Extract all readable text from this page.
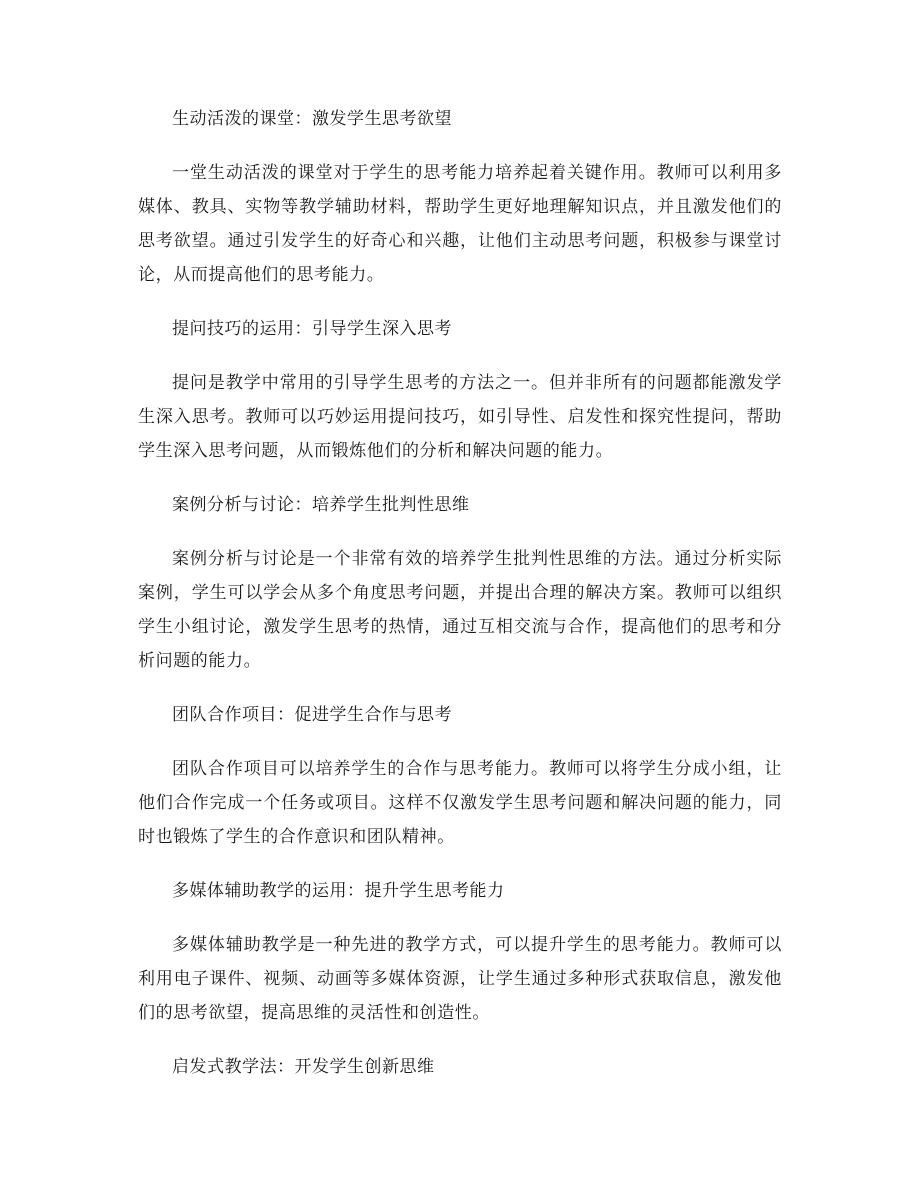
生动活泼的课堂：激发学生思考欲望

一堂生动活泼的课堂对于学生的思考能力培养起着关键作用。教师可以利用多媒体、教具、实物等教学辅助材料，帮助学生更好地理解知识点，并且激发他们的思考欲望。通过引发学生的好奇心和兴趣，让他们主动思考问题，积极参与课堂讨论，从而提高他们的思考能力。

提问技巧的运用：引导学生深入思考

提问是教学中常用的引导学生思考的方法之一。但并非所有的问题都能激发学生深入思考。教师可以巧妙运用提问技巧，如引导性、启发性和探究性提问，帮助学生深入思考问题，从而锻炼他们的分析和解决问题的能力。

案例分析与讨论：培养学生批判性思维

案例分析与讨论是一个非常有效的培养学生批判性思维的方法。通过分析实际案例，学生可以学会从多个角度思考问题，并提出合理的解决方案。教师可以组织学生小组讨论，激发学生思考的热情，通过互相交流与合作，提高他们的思考和分析问题的能力。

团队合作项目：促进学生合作与思考

团队合作项目可以培养学生的合作与思考能力。教师可以将学生分成小组，让他们合作完成一个任务或项目。这样不仅激发学生思考问题和解决问题的能力，同时也锻炼了学生的合作意识和团队精神。

多媒体辅助教学的运用：提升学生思考能力

多媒体辅助教学是一种先进的教学方式，可以提升学生的思考能力。教师可以利用电子课件、视频、动画等多媒体资源，让学生通过多种形式获取信息，激发他们的思考欲望，提高思维的灵活性和创造性。

启发式教学法：开发学生创新思维
